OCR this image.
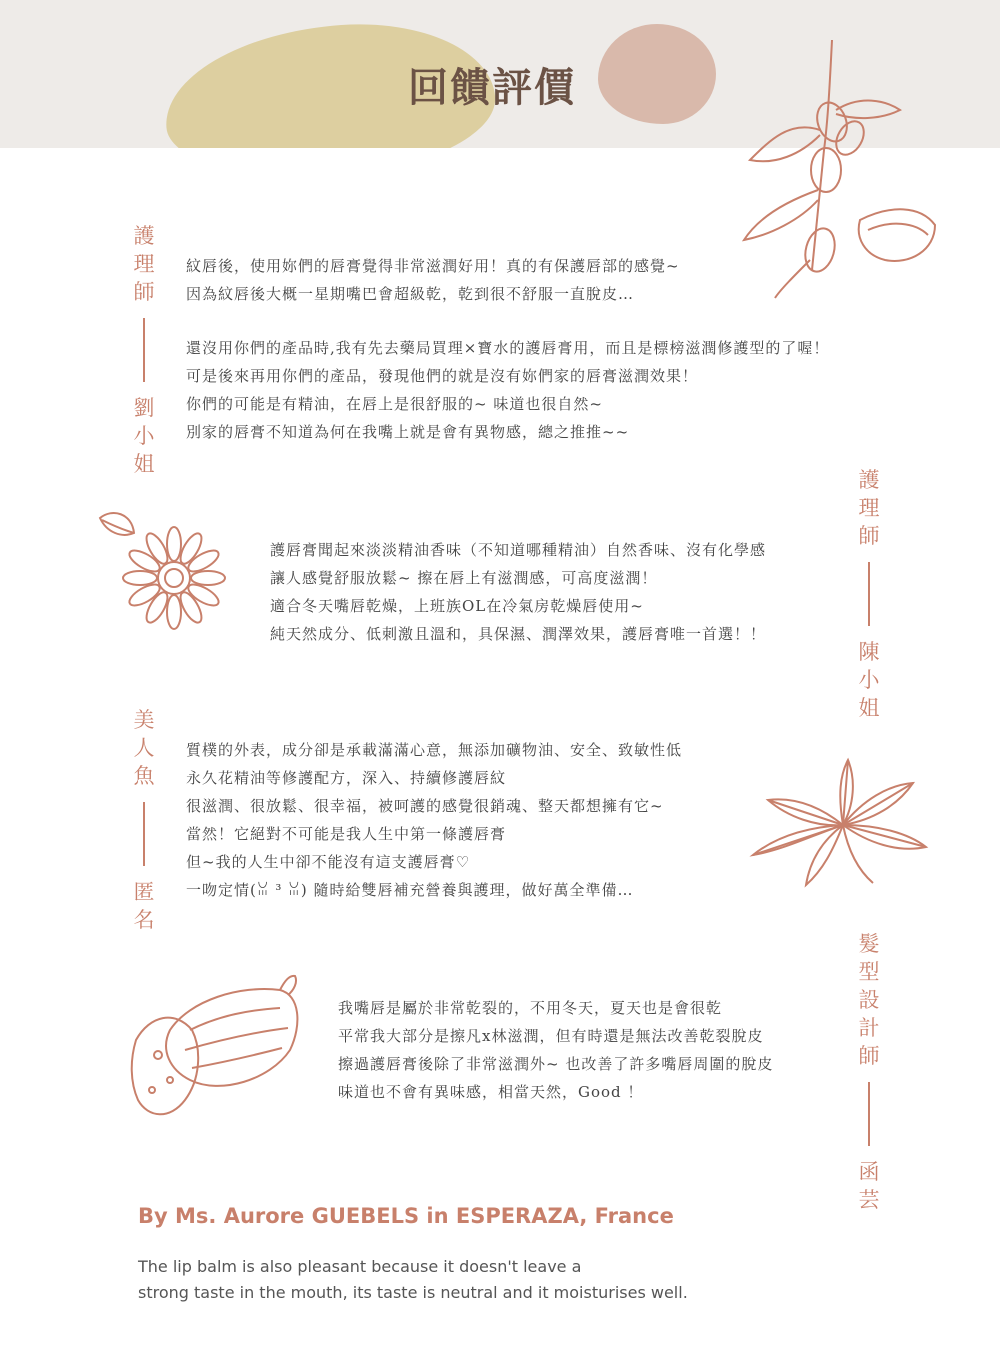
回饋評價
護
理
師
劉
小
姐
紋唇後，使用妳們的唇膏覺得非常滋潤好用！真的有保護唇部的感覺~
因為紋唇後大概一星期嘴巴會超級乾，乾到很不舒服一直脫皮…
還沒用你們的產品時,我有先去藥局買理×寶水的護唇膏用，而且是標榜滋潤修護型的了喔！
可是後來再用你們的產品，發現他們的就是沒有妳們家的唇膏滋潤效果！
你們的可能是有精油，在唇上是很舒服的~ 味道也很自然~
別家的唇膏不知道為何在我嘴上就是會有異物感，總之推推~~
護
理
師
陳
小
姐
護唇膏聞起來淡淡精油香味（不知道哪種精油）自然香味、沒有化學感
讓人感覺舒服放鬆~ 擦在唇上有滋潤感，可高度滋潤！
適合冬天嘴唇乾燥，上班族OL在冷氣房乾燥唇使用~
純天然成分、低刺激且溫和，具保濕、潤澤效果，護唇膏唯一首選！！
美
人
魚
匿
名
質樸的外表，成分卻是承載滿滿心意，無添加礦物油、安全、致敏性低
永久花精油等修護配方，深入、持續修護唇紋
很滋潤、很放鬆、很幸福，被呵護的感覺很銷魂、整天都想擁有它~
當然！它絕對不可能是我人生中第一條護唇膏
但~我的人生中卻不能沒有這支護唇膏♡
一吻定情(ꈍ ³ ꈍ) 隨時給雙唇補充營養與護理，做好萬全準備…
髮
型
設
計
師
函
芸
我嘴唇是屬於非常乾裂的，不用冬天，夏天也是會很乾
平常我大部分是擦凡x林滋潤，但有時還是無法改善乾裂脫皮
擦過護唇膏後除了非常滋潤外~ 也改善了許多嘴唇周圍的脫皮
味道也不會有異味感，相當天然，Good ！
By Ms. Aurore GUEBELS in ESPERAZA, France
The lip balm is also pleasant because it doesn't leave a
strong taste in the mouth, its taste is neutral and it moisturises well.
